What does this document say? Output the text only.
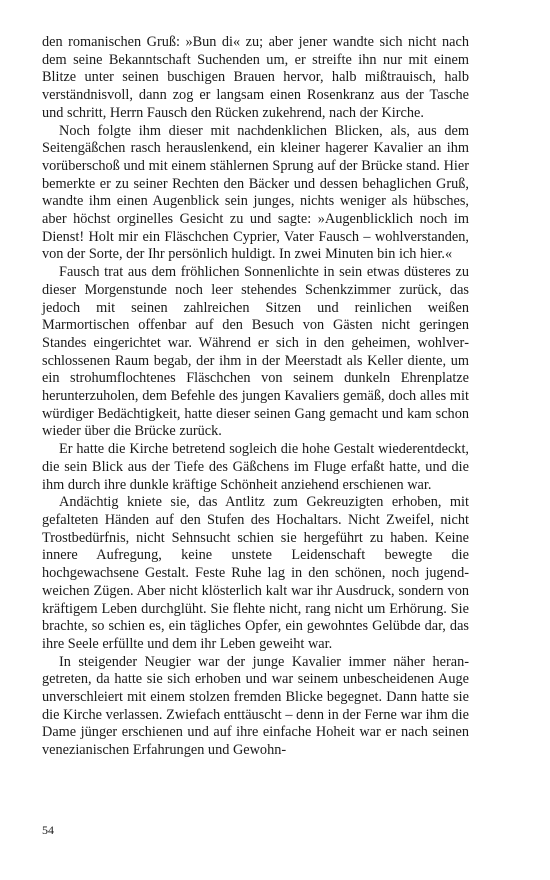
den romanischen Gruß: »Bun di« zu; aber jener wandte sich nicht nach dem seine Bekanntschaft Suchenden um, er streifte ihn nur mit einem Blitze unter seinen buschigen Brauen hervor, halb mißtrauisch, halb verständnisvoll, dann zog er langsam einen Rosenkranz aus der Tasche und schritt, Herrn Fausch den Rücken zukehrend, nach der Kirche.

Noch folgte ihm dieser mit nachdenklichen Blicken, als, aus dem Seitengäßchen rasch herauslenkend, ein kleiner hagerer Kavalier an ihm vorüberschoß und mit einem stählernen Sprung auf der Brücke stand. Hier bemerkte er zu seiner Rechten den Bäcker und dessen behaglichen Gruß, wandte ihm einen Augenblick sein junges, nichts weniger als hübsches, aber höchst orginelles Gesicht zu und sagte: »Augenblicklich noch im Dienst! Holt mir ein Fläschchen Cyprier, Vater Fausch – wohlverstanden, von der Sorte, der Ihr persönlich huldigt. In zwei Minuten bin ich hier.«

Fausch trat aus dem fröhlichen Sonnenlichte in sein etwas düsteres zu dieser Morgenstunde noch leer stehendes Schenkzimmer zurück, das jedoch mit seinen zahlreichen Sitzen und reinlichen weißen Marmortischen offenbar auf den Besuch von Gästen nicht geringen Standes eingerichtet war. Während er sich in den geheimen, wohlverschlossenen Raum begab, der ihm in der Meerstadt als Keller diente, um ein strohumflochtenes Fläschchen von seinem dunkeln Ehrenplatze herunterzuholen, dem Befehle des jungen Kavaliers gemäß, doch alles mit würdiger Bedächtigkeit, hatte dieser seinen Gang gemacht und kam schon wieder über die Brücke zurück.

Er hatte die Kirche betretend sogleich die hohe Gestalt wiederentdeckt, die sein Blick aus der Tiefe des Gäßchens im Fluge erfaßt hatte, und die ihm durch ihre dunkle kräftige Schönheit anziehend erschienen war.

Andächtig kniete sie, das Antlitz zum Gekreuzigten erhoben, mit gefalteten Händen auf den Stufen des Hochaltars. Nicht Zweifel, nicht Trostbedürfnis, nicht Sehnsucht schien sie hergeführt zu haben. Keine innere Aufregung, keine unstete Leidenschaft bewegte die hochgewachsene Gestalt. Feste Ruhe lag in den schönen, noch jugendweichen Zügen. Aber nicht klösterlich kalt war ihr Ausdruck, sondern von kräftigem Leben durchglüht. Sie flehte nicht, rang nicht um Erhörung. Sie brachte, so schien es, ein tägliches Opfer, ein gewohntes Gelübde dar, das ihre Seele erfüllte und dem ihr Leben geweiht war.

In steigender Neugier war der junge Kavalier immer näher herangetreten, da hatte sie sich erhoben und war seinem unbescheidenen Auge unverschleiert mit einem stolzen fremden Blicke begegnet. Dann hatte sie die Kirche verlassen. Zwiefach enttäuscht – denn in der Ferne war ihm die Dame jünger erschienen und auf ihre einfache Hoheit war er nach seinen venezianischen Erfahrungen und Gewohn-

54
